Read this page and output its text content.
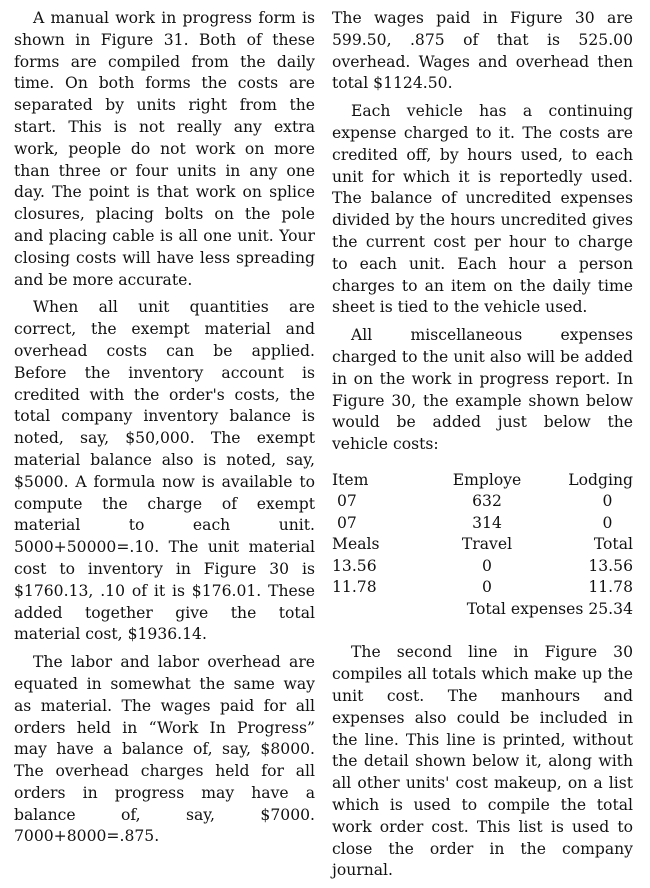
A manual work in progress form is shown in Figure 31. Both of these forms are compiled from the daily time. On both forms the costs are separated by units right from the start. This is not really any extra work, people do not work on more than three or four units in any one day. The point is that work on splice closures, placing bolts on the pole and placing cable is all one unit. Your closing costs will have less spreading and be more accurate.

When all unit quantities are correct, the exempt material and overhead costs can be applied. Before the inventory account is credited with the order's costs, the total company inventory balance is noted, say, $50,000. The exempt material balance also is noted, say, $5000. A formula now is available to compute the charge of exempt material to each unit. 5000+50000=.10. The unit material cost to inventory in Figure 30 is $1760.13, .10 of it is $176.01. These added together give the total material cost, $1936.14.

The labor and labor overhead are equated in somewhat the same way as material. The wages paid for all orders held in “Work In Progress” may have a balance of, say, $8000. The overhead charges held for all orders in progress may have a balance of, say, $7000. 7000+8000=.875.

The wages paid in Figure 30 are 599.50, .875 of that is 525.00 overhead. Wages and overhead then total $1124.50.

Each vehicle has a continuing expense charged to it. The costs are credited off, by hours used, to each unit for which it is reportedly used. The balance of uncredited expenses divided by the hours uncredited gives the current cost per hour to charge to each unit. Each hour a person charges to an item on the daily time sheet is tied to the vehicle used.

All miscellaneous expenses charged to the unit also will be added in on the work in progress report. In Figure 30, the example shown below would be added just below the vehicle costs:

Item	Employe	Lodging
07	632	0
07	314	0
Meals	Travel	Total
13.56	0	13.56
11.78	0	11.78
Total expenses 25.34

The second line in Figure 30 compiles all totals which make up the unit cost. The manhours and expenses also could be included in the line. This line is printed, without the detail shown below it, along with all other units' cost makeup, on a list which is used to compile the total work order cost. This list is used to close the order in the company journal.
